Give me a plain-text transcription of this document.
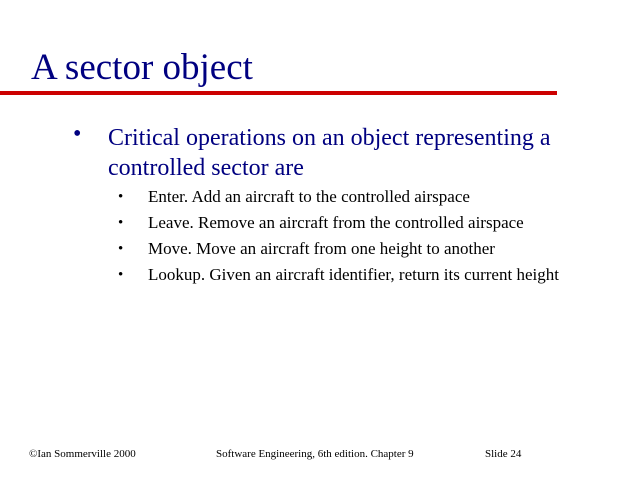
A sector object
• Critical operations on an object representing a controlled sector are
• Enter. Add an aircraft to the controlled airspace
• Leave. Remove an aircraft from the controlled airspace
• Move. Move an aircraft from one height to another
• Lookup. Given an aircraft identifier, return its current height
©Ian Sommerville 2000	Software Engineering, 6th edition. Chapter 9	Slide 24
